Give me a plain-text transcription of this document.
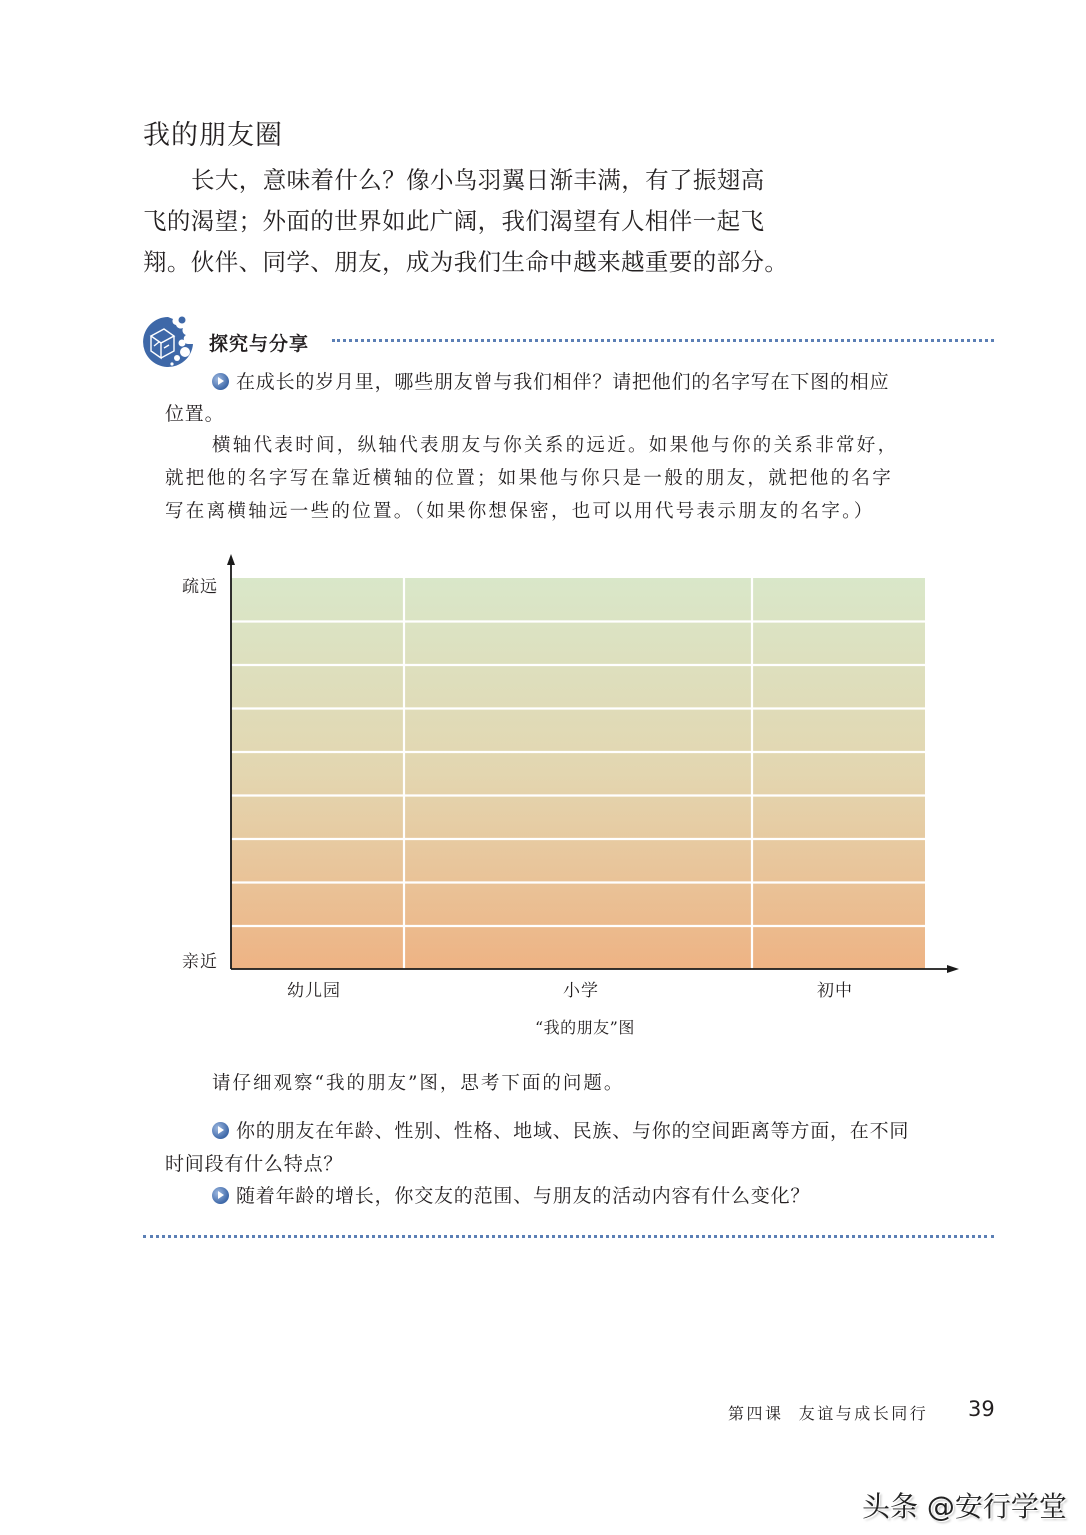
我的朋友圈

长大，意味着什么？像小鸟羽翼日渐丰满，有了振翅高
飞的渴望；外面的世界如此广阔，我们渴望有人相伴一起飞
翔。伙伴、同学、朋友，成为我们生命中越来越重要的部分。

探究与分享
在成长的岁月里，哪些朋友曾与我们相伴？请把他们的名字写在下图的相应
位置。
横轴代表时间，纵轴代表朋友与你关系的远近。如果他与你的关系非常好，
就把他的名字写在靠近横轴的位置；如果他与你只是一般的朋友，就把他的名字
写在离横轴远一些的位置。（如果你想保密，也可以用代号表示朋友的名字。）
疏远
亲近
幼儿园	小学	初中
“我的朋友”图
请仔细观察“我的朋友”图，思考下面的问题。
你的朋友在年龄、性别、性格、地域、民族、与你的空间距离等方面，在不同
时间段有什么特点？
随着年龄的增长，你交友的范围、与朋友的活动内容有什么变化？
第四课 友谊与成长同行 39
头条 @安行学堂
